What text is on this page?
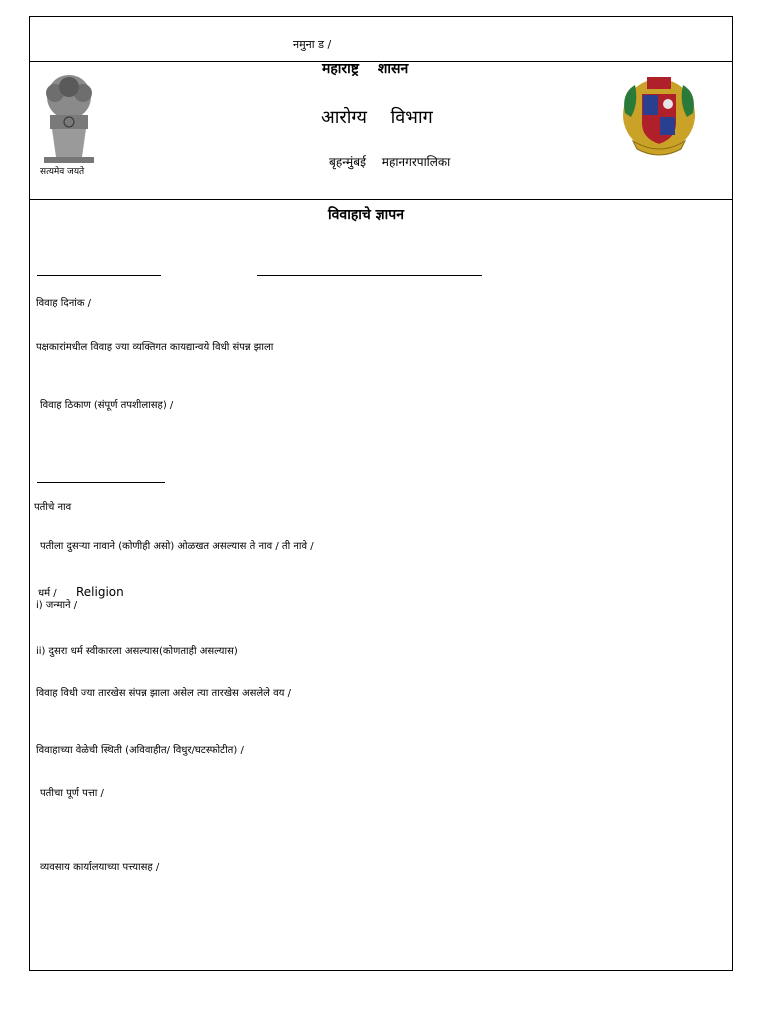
नमुना ड /
महाराष्ट्र शासन
आरोग्य विभाग
बृहन्मुंबई महानगरपालिका
सत्यमेव जयते
विवाहाचे ज्ञापन
विवाह दिनांक /
पक्षकारांमधील विवाह ज्या व्यक्तिगत कायद्यान्वये विधी संपन्न झाला
विवाह ठिकाण (संपूर्ण तपशीलासह) /
पतीचे नाव
पतीला दुसऱ्या नावाने (कोणीही असो) ओळखत असल्यास ते नाव / ती नावे /
धर्म / Religion
i) जन्माने /
ii) दुसरा धर्म स्वीकारला असल्यास(कोणताही असल्यास)
विवाह विधी ज्या तारखेस संपन्न झाला असेल त्या तारखेस असलेले वय /
विवाहाच्या वेळेची स्थिती (अविवाहीत/ विधुर/घटस्फोटीत) /
पतीचा पूर्ण पत्ता /
व्यवसाय कार्यालयाच्या पत्त्यासह /
